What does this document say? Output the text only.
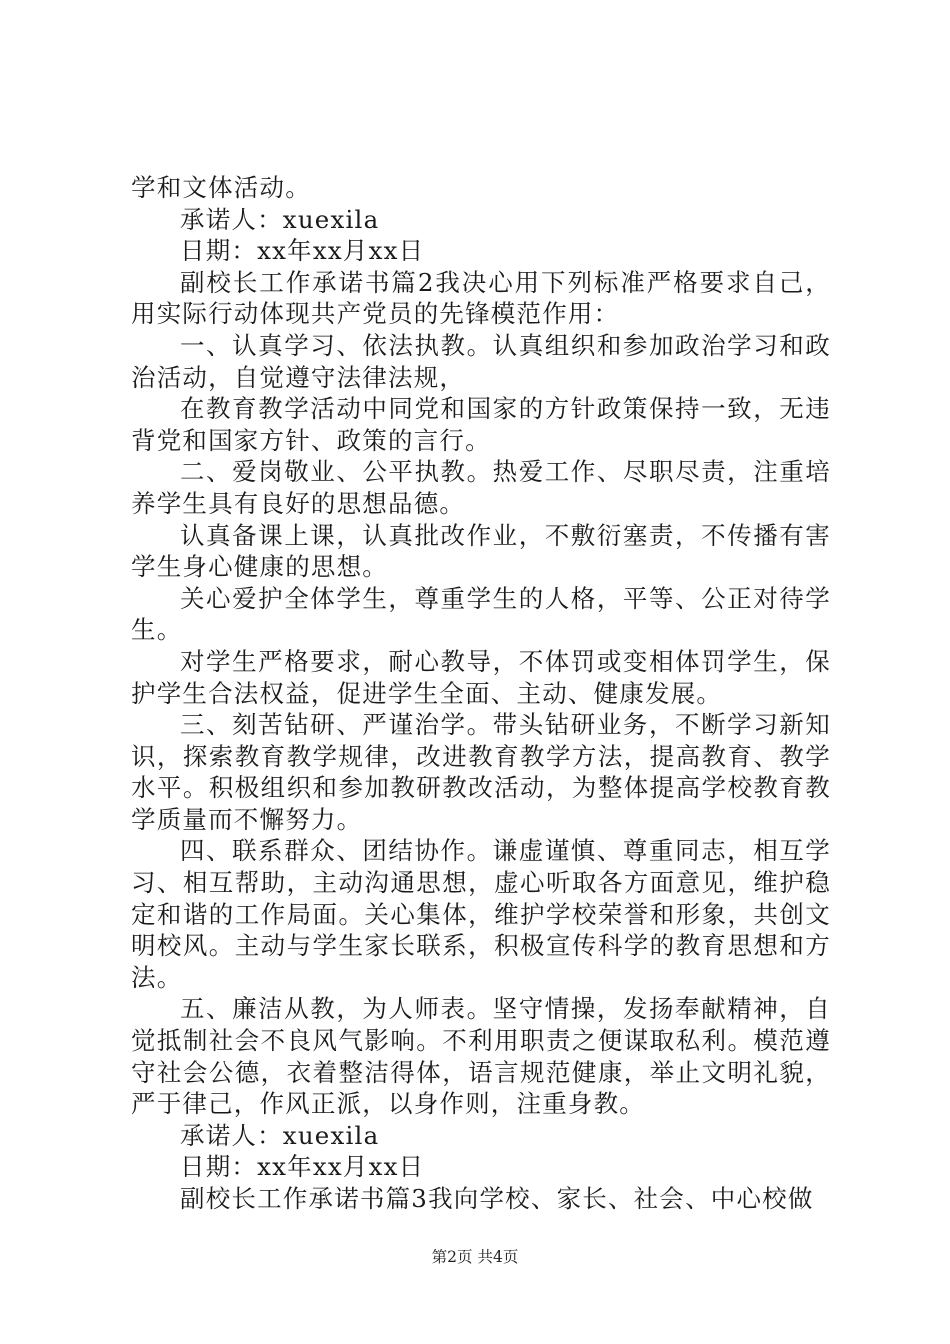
学和文体活动。

承诺人：xuexila

日期：xx年xx月xx日

副校长工作承诺书篇2我决心用下列标准严格要求自己，用实际行动体现共产党员的先锋模范作用：

一、认真学习、依法执教。认真组织和参加政治学习和政治活动，自觉遵守法律法规，

在教育教学活动中同党和国家的方针政策保持一致，无违背党和国家方针、政策的言行。

二、爱岗敬业、公平执教。热爱工作、尽职尽责，注重培养学生具有良好的思想品德。

认真备课上课，认真批改作业，不敷衍塞责，不传播有害学生身心健康的思想。

关心爱护全体学生，尊重学生的人格，平等、公正对待学生。

对学生严格要求，耐心教导，不体罚或变相体罚学生，保护学生合法权益，促进学生全面、主动、健康发展。

三、刻苦钻研、严谨治学。带头钻研业务，不断学习新知识，探索教育教学规律，改进教育教学方法，提高教育、教学水平。积极组织和参加教研教改活动，为整体提高学校教育教学质量而不懈努力。

四、联系群众、团结协作。谦虚谨慎、尊重同志，相互学习、相互帮助，主动沟通思想，虚心听取各方面意见，维护稳定和谐的工作局面。关心集体，维护学校荣誉和形象，共创文明校风。主动与学生家长联系，积极宣传科学的教育思想和方法。

五、廉洁从教，为人师表。坚守情操，发扬奉献精神，自觉抵制社会不良风气影响。不利用职责之便谋取私利。模范遵守社会公德，衣着整洁得体，语言规范健康，举止文明礼貌，严于律己，作风正派，以身作则，注重身教。

承诺人：xuexila

日期：xx年xx月xx日

副校长工作承诺书篇3我向学校、家长、社会、中心校做

第2页 共4页
